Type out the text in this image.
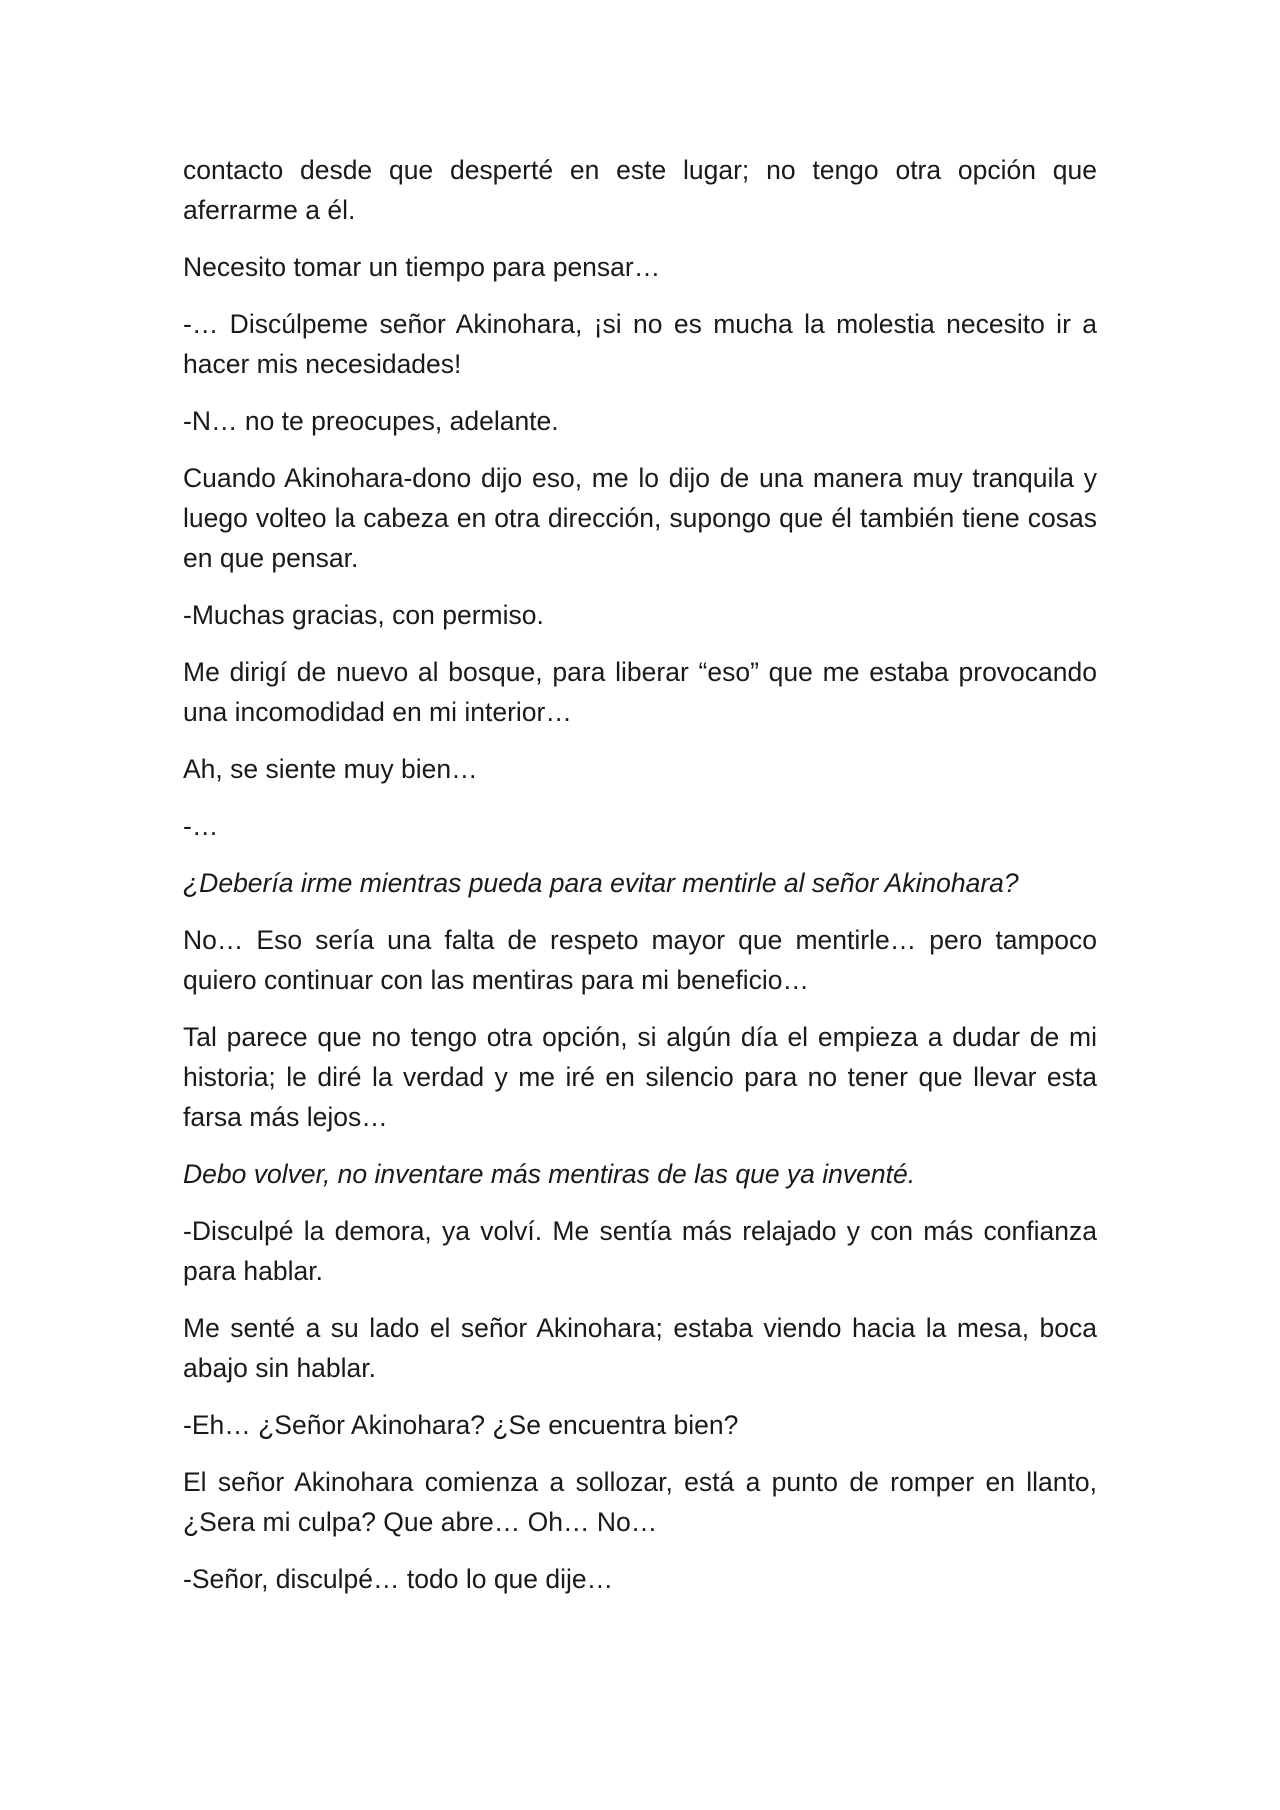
contacto desde que desperté en este lugar; no tengo otra opción que aferrarme a él.

Necesito tomar un tiempo para pensar…

-… Discúlpeme señor Akinohara, ¡si no es mucha la molestia necesito ir a hacer mis necesidades!

-N… no te preocupes, adelante.

Cuando Akinohara-dono dijo eso, me lo dijo de una manera muy tranquila y luego volteo la cabeza en otra dirección, supongo que él también tiene cosas en que pensar.

-Muchas gracias, con permiso.

Me dirigí de nuevo al bosque, para liberar “eso” que me estaba provocando una incomodidad en mi interior…

Ah, se siente muy bien…

-…

¿Debería irme mientras pueda para evitar mentirle al señor Akinohara?

No… Eso sería una falta de respeto mayor que mentirle… pero tampoco quiero continuar con las mentiras para mi beneficio…

Tal parece que no tengo otra opción, si algún día el empieza a dudar de mi historia; le diré la verdad y me iré en silencio para no tener que llevar esta farsa más lejos…

Debo volver, no inventare más mentiras de las que ya inventé.

-Disculpé la demora, ya volví. Me sentía más relajado y con más confianza para hablar.

Me senté a su lado el señor Akinohara; estaba viendo hacia la mesa, boca abajo sin hablar.

-Eh… ¿Señor Akinohara? ¿Se encuentra bien?

El señor Akinohara comienza a sollozar, está a punto de romper en llanto, ¿Sera mi culpa? Que abre… Oh… No…

-Señor, disculpé… todo lo que dije…
